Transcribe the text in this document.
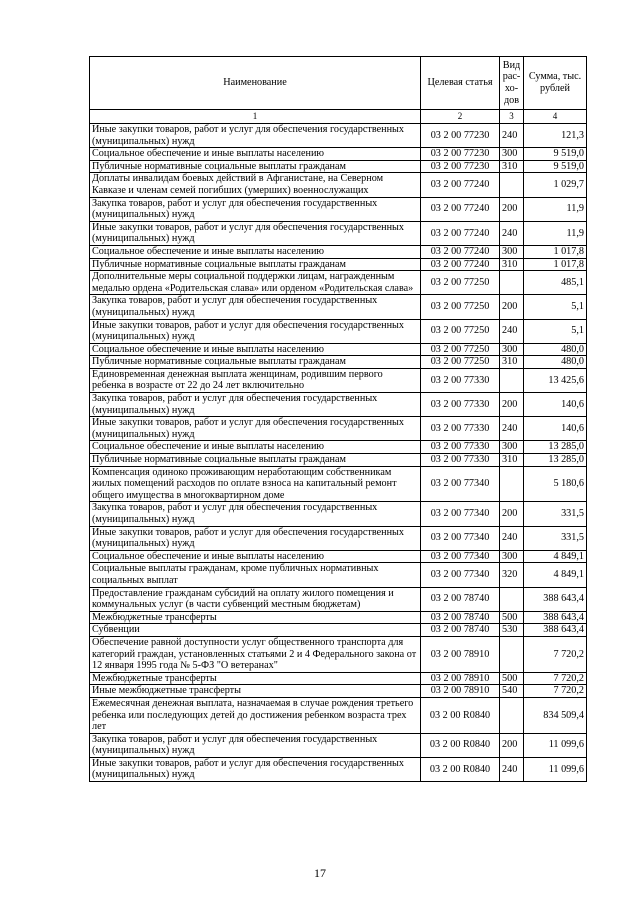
Наименование	Целевая статья	Вид рас-хо-дов	Сумма, тыс. рублей
1	2	3	4
Иные закупки товаров, работ и услуг для обеспечения государственных (муниципальных) нужд	03 2 00 77230	240	121,3
Социальное обеспечение и иные выплаты населению	03 2 00 77230	300	9 519,0
Публичные нормативные социальные выплаты гражданам	03 2 00 77230	310	9 519,0
Доплаты инвалидам боевых действий в Афганистане, на Северном Кавказе и членам семей погибших (умерших) военнослужащих	03 2 00 77240		1 029,7
Закупка товаров, работ и услуг для обеспечения государственных (муниципальных) нужд	03 2 00 77240	200	11,9
Иные закупки товаров, работ и услуг для обеспечения государственных (муниципальных) нужд	03 2 00 77240	240	11,9
Социальное обеспечение и иные выплаты населению	03 2 00 77240	300	1 017,8
Публичные нормативные социальные выплаты гражданам	03 2 00 77240	310	1 017,8
Дополнительные меры социальной поддержки лицам, награжденным медалью ордена «Родительская слава» или орденом «Родительская слава»	03 2 00 77250		485,1
Закупка товаров, работ и услуг для обеспечения государственных (муниципальных) нужд	03 2 00 77250	200	5,1
Иные закупки товаров, работ и услуг для обеспечения государственных (муниципальных) нужд	03 2 00 77250	240	5,1
Социальное обеспечение и иные выплаты населению	03 2 00 77250	300	480,0
Публичные нормативные социальные выплаты гражданам	03 2 00 77250	310	480,0
Единовременная денежная выплата женщинам, родившим первого ребенка в возрасте от 22 до 24 лет включительно	03 2 00 77330		13 425,6
Закупка товаров, работ и услуг для обеспечения государственных (муниципальных) нужд	03 2 00 77330	200	140,6
Иные закупки товаров, работ и услуг для обеспечения государственных (муниципальных) нужд	03 2 00 77330	240	140,6
Социальное обеспечение и иные выплаты населению	03 2 00 77330	300	13 285,0
Публичные нормативные социальные выплаты гражданам	03 2 00 77330	310	13 285,0
Компенсация одиноко проживающим неработающим собственникам жилых помещений расходов по оплате взноса на капитальный ремонт общего имущества в многоквартирном доме	03 2 00 77340		5 180,6
Закупка товаров, работ и услуг для обеспечения государственных (муниципальных) нужд	03 2 00 77340	200	331,5
Иные закупки товаров, работ и услуг для обеспечения государственных (муниципальных) нужд	03 2 00 77340	240	331,5
Социальное обеспечение и иные выплаты населению	03 2 00 77340	300	4 849,1
Социальные выплаты гражданам, кроме публичных нормативных социальных выплат	03 2 00 77340	320	4 849,1
Предоставление гражданам субсидий на оплату жилого помещения и коммунальных услуг (в части субвенций местным бюджетам)	03 2 00 78740		388 643,4
Межбюджетные трансферты	03 2 00 78740	500	388 643,4
Субвенции	03 2 00 78740	530	388 643,4
Обеспечение равной доступности услуг общественного транспорта для категорий граждан, установленных статьями 2 и 4 Федерального закона от 12 января 1995 года № 5-ФЗ "О ветеранах"	03 2 00 78910		7 720,2
Межбюджетные трансферты	03 2 00 78910	500	7 720,2
Иные межбюджетные трансферты	03 2 00 78910	540	7 720,2
Ежемесячная денежная выплата, назначаемая в случае рождения третьего ребенка или последующих детей до достижения ребенком возраста трех лет	03 2 00 R0840		834 509,4
Закупка товаров, работ и услуг для обеспечения государственных (муниципальных) нужд	03 2 00 R0840	200	11 099,6
Иные закупки товаров, работ и услуг для обеспечения государственных (муниципальных) нужд	03 2 00 R0840	240	11 099,6
17
